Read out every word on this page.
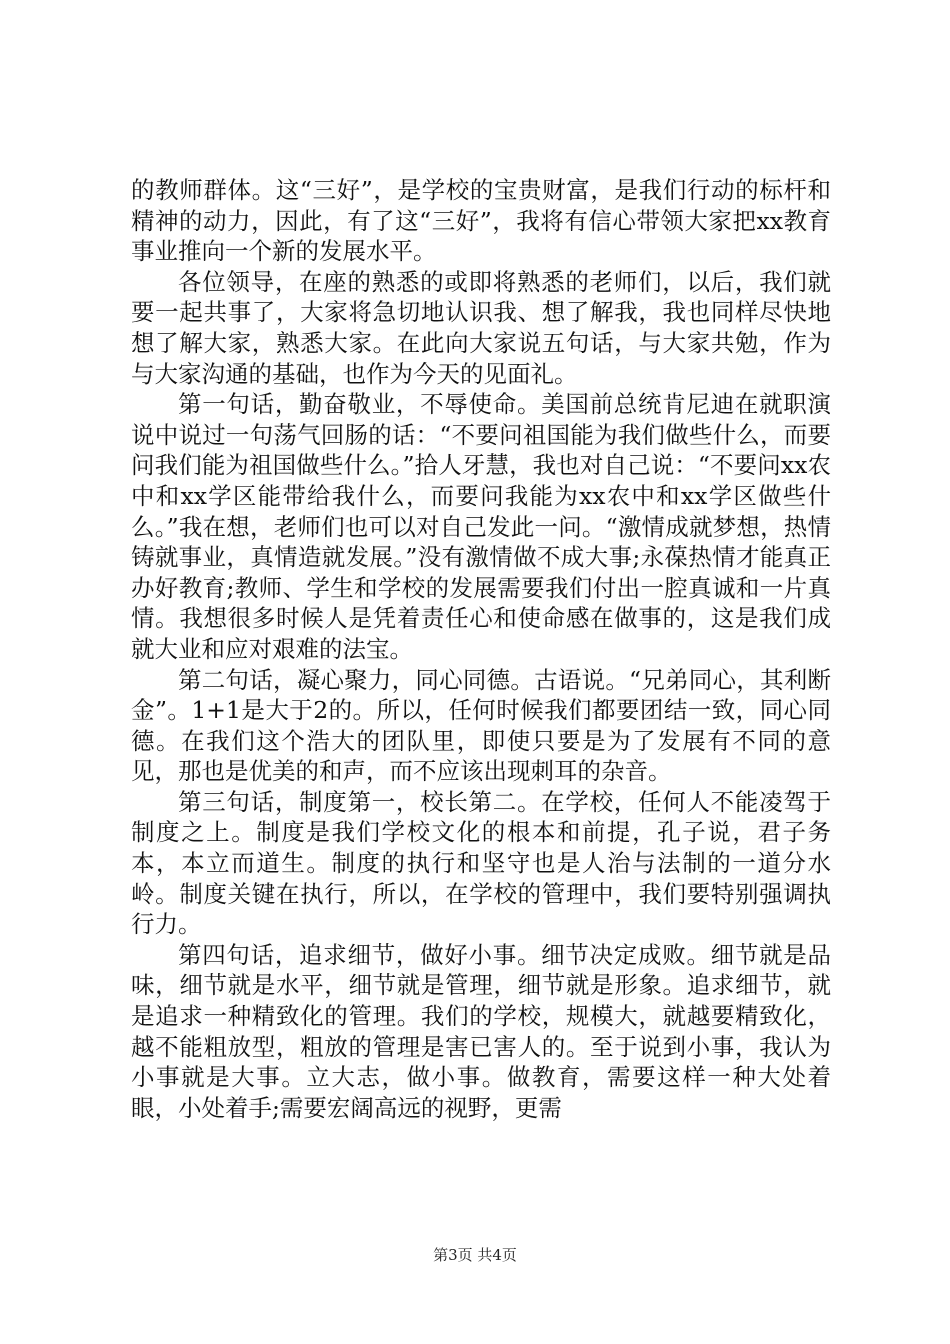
的教师群体。这“三好”，是学校的宝贵财富，是我们行动的标杆和精神的动力，因此，有了这“三好”，我将有信心带领大家把xx教育事业推向一个新的发展水平。

各位领导，在座的熟悉的或即将熟悉的老师们，以后，我们就要一起共事了，大家将急切地认识我、想了解我，我也同样尽快地想了解大家，熟悉大家。在此向大家说五句话，与大家共勉，作为与大家沟通的基础，也作为今天的见面礼。

第一句话，勤奋敬业，不辱使命。美国前总统肯尼迪在就职演说中说过一句荡气回肠的话：“不要问祖国能为我们做些什么，而要问我们能为祖国做些什么。”拾人牙慧，我也对自己说：“不要问xx农中和xx学区能带给我什么，而要问我能为xx农中和xx学区做些什么。”我在想，老师们也可以对自己发此一问。“激情成就梦想，热情铸就事业，真情造就发展。”没有激情做不成大事;永葆热情才能真正办好教育;教师、学生和学校的发展需要我们付出一腔真诚和一片真情。我想很多时候人是凭着责任心和使命感在做事的，这是我们成就大业和应对艰难的法宝。

第二句话，凝心聚力，同心同德。古语说。“兄弟同心，其利断金”。1+1是大于2的。所以，任何时候我们都要团结一致，同心同德。在我们这个浩大的团队里，即使只要是为了发展有不同的意见，那也是优美的和声，而不应该出现刺耳的杂音。

第三句话，制度第一，校长第二。在学校，任何人不能凌驾于制度之上。制度是我们学校文化的根本和前提，孔子说，君子务本，本立而道生。制度的执行和坚守也是人治与法制的一道分水岭。制度关键在执行，所以，在学校的管理中，我们要特别强调执行力。

第四句话，追求细节，做好小事。细节决定成败。细节就是品味，细节就是水平，细节就是管理，细节就是形象。追求细节，就是追求一种精致化的管理。我们的学校，规模大，就越要精致化，越不能粗放型，粗放的管理是害已害人的。至于说到小事，我认为小事就是大事。立大志，做小事。做教育，需要这样一种大处着眼，小处着手;需要宏阔高远的视野，更需

第3页 共4页
